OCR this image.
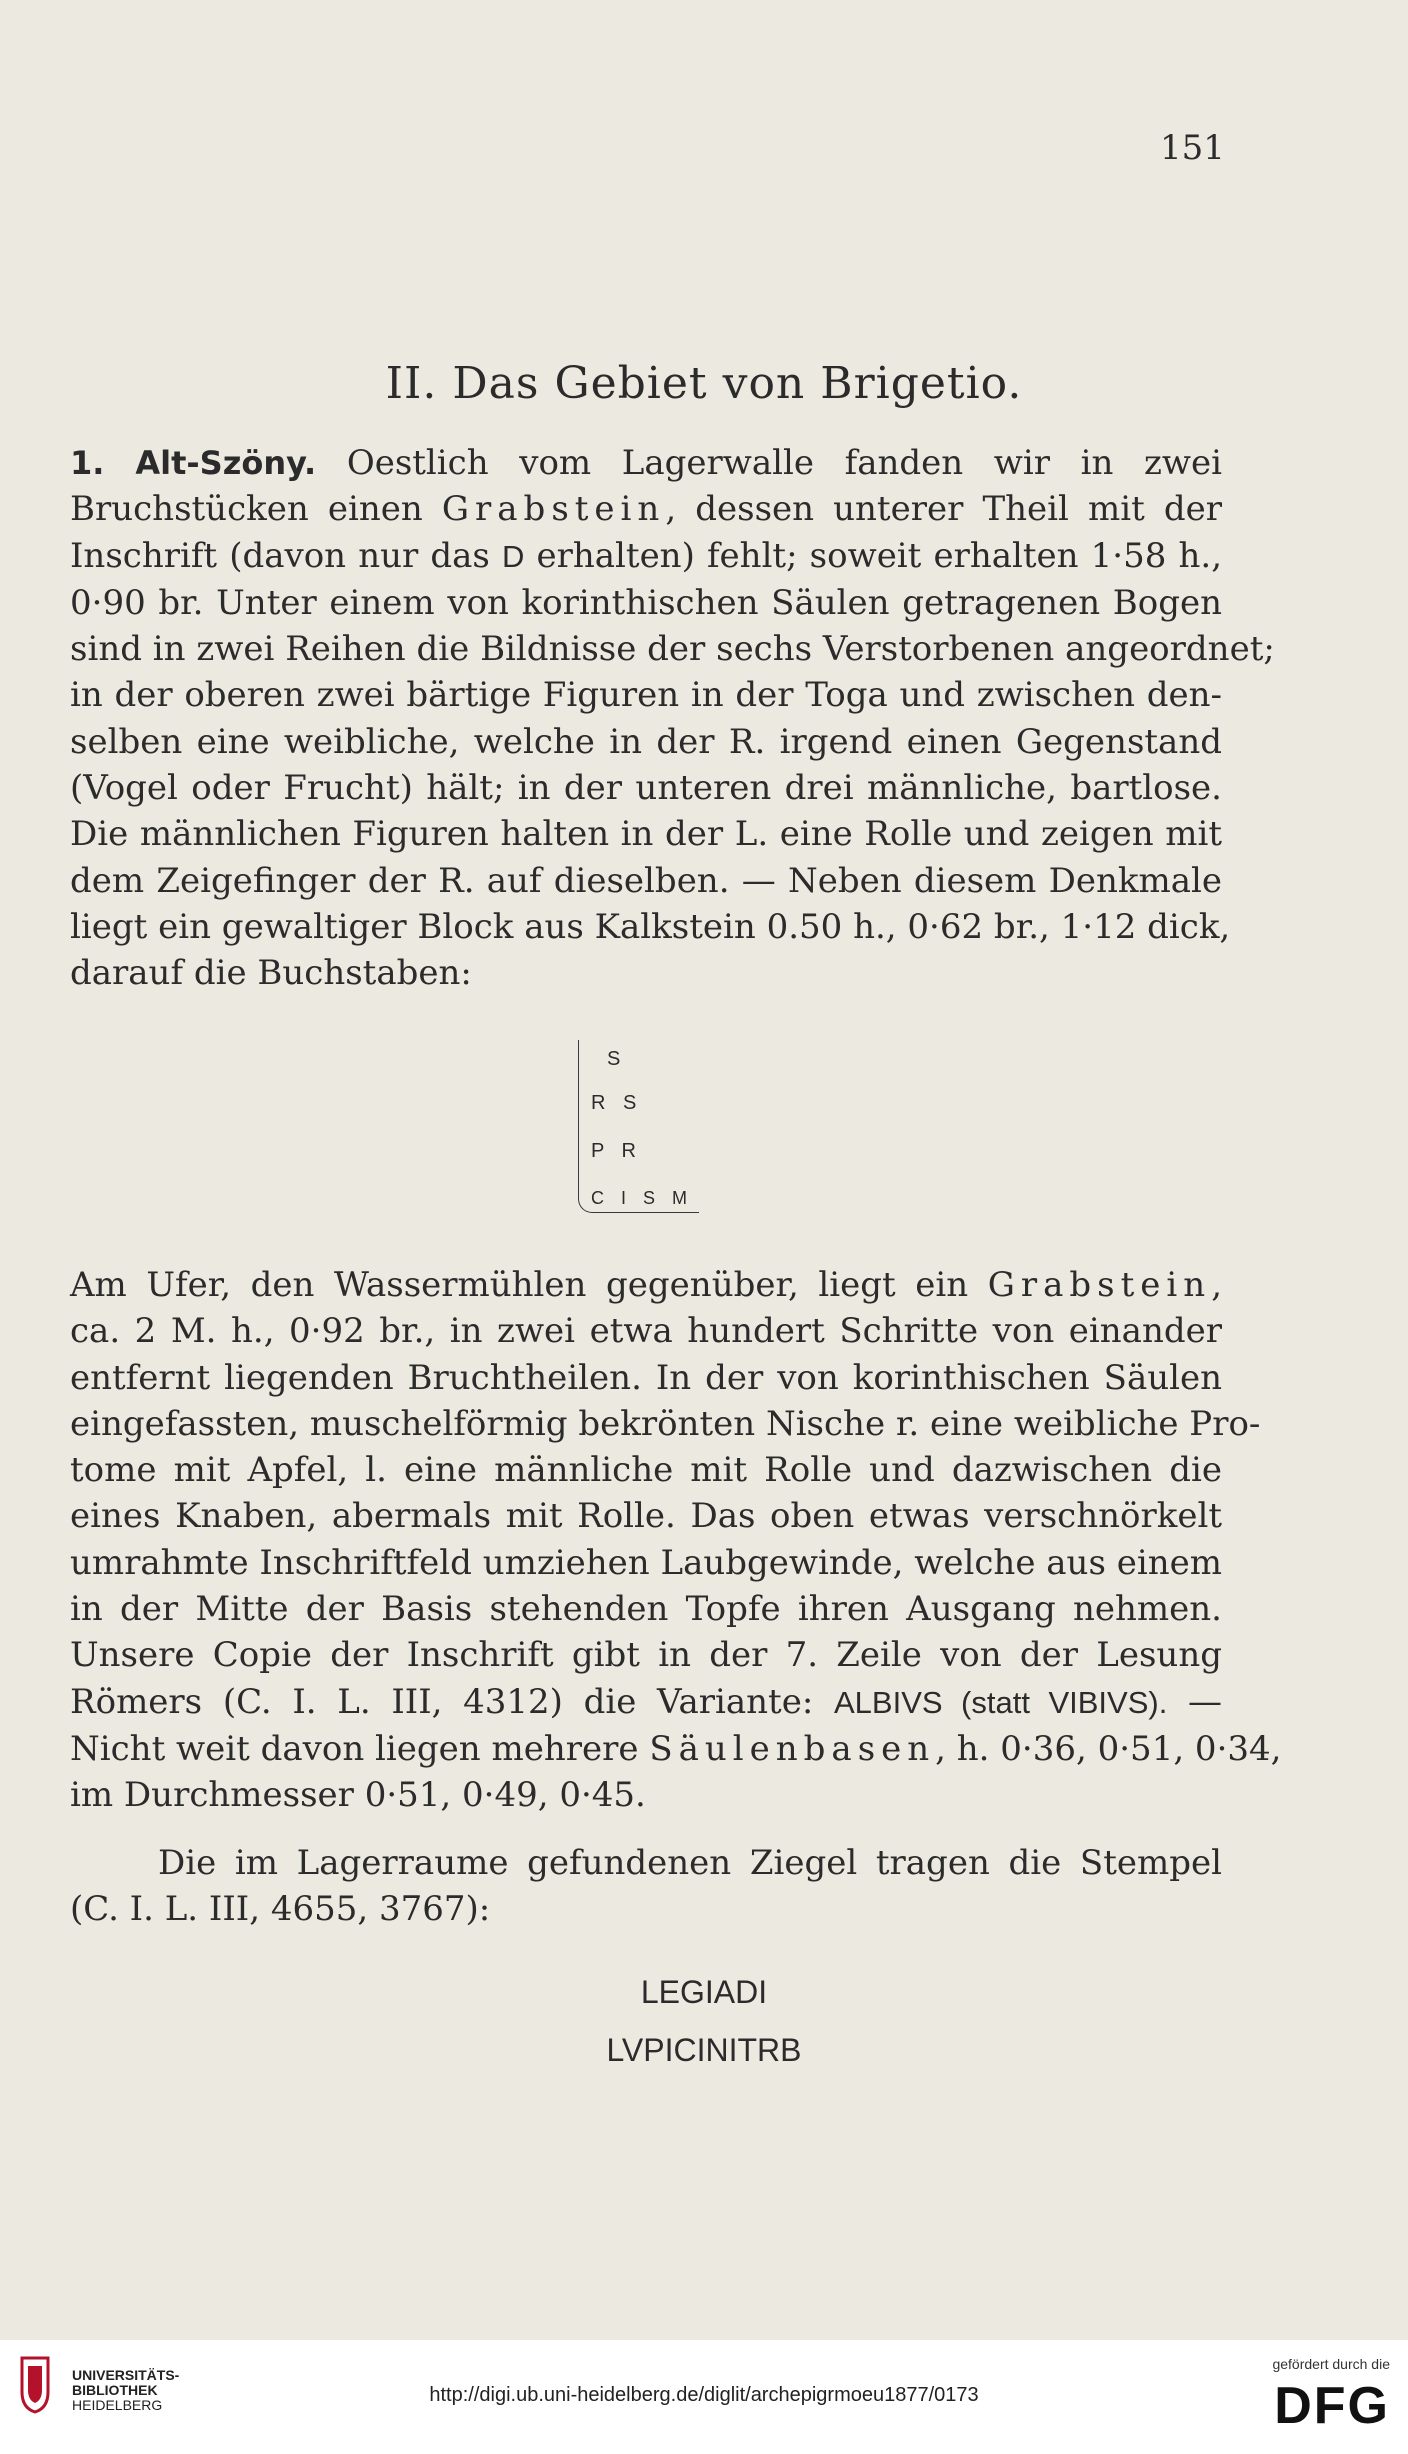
151
II. Das Gebiet von Brigetio.
1. Alt-Szöny. Oestlich vom Lagerwalle fanden wir in zwei
Bruchstücken einen Grabstein, dessen unterer Theil mit der
Inschrift (davon nur das D erhalten) fehlt; soweit erhalten 1·58 h.,
0·90 br. Unter einem von korinthischen Säulen getragenen Bogen
sind in zwei Reihen die Bildnisse der sechs Verstorbenen angeordnet;
in der oberen zwei bärtige Figuren in der Toga und zwischen den-
selben eine weibliche, welche in der R. irgend einen Gegenstand
(Vogel oder Frucht) hält; in der unteren drei männliche, bartlose.
Die männlichen Figuren halten in der L. eine Rolle und zeigen mit
dem Zeigefinger der R. auf dieselben. — Neben diesem Denkmale
liegt ein gewaltiger Block aus Kalkstein 0.50 h., 0·62 br., 1·12 dick,
darauf die Buchstaben:
S
R S
P R
C I S M
Am Ufer, den Wassermühlen gegenüber, liegt ein Grabstein,
ca. 2 M. h., 0·92 br., in zwei etwa hundert Schritte von einander
entfernt liegenden Bruchtheilen. In der von korinthischen Säulen
eingefassten, muschelförmig bekrönten Nische r. eine weibliche Pro-
tome mit Apfel, l. eine männliche mit Rolle und dazwischen die
eines Knaben, abermals mit Rolle. Das oben etwas verschnörkelt
umrahmte Inschriftfeld umziehen Laubgewinde, welche aus einem
in der Mitte der Basis stehenden Topfe ihren Ausgang nehmen.
Unsere Copie der Inschrift gibt in der 7. Zeile von der Lesung
Römers (C. I. L. III, 4312) die Variante: ALBIVS (statt VIBIVS). —
Nicht weit davon liegen mehrere Säulenbasen, h. 0·36, 0·51, 0·34,
im Durchmesser 0·51, 0·49, 0·45.
Die im Lagerraume gefundenen Ziegel tragen die Stempel
(C. I. L. III, 4655, 3767):
LEGIADI
LVPICINITRB
UNIVERSITÄTS-
BIBLIOTHEK
HEIDELBERG	http://digi.ub.uni-heidelberg.de/diglit/archepigrmoeu1877/0173
gefördert durch die
DFG
